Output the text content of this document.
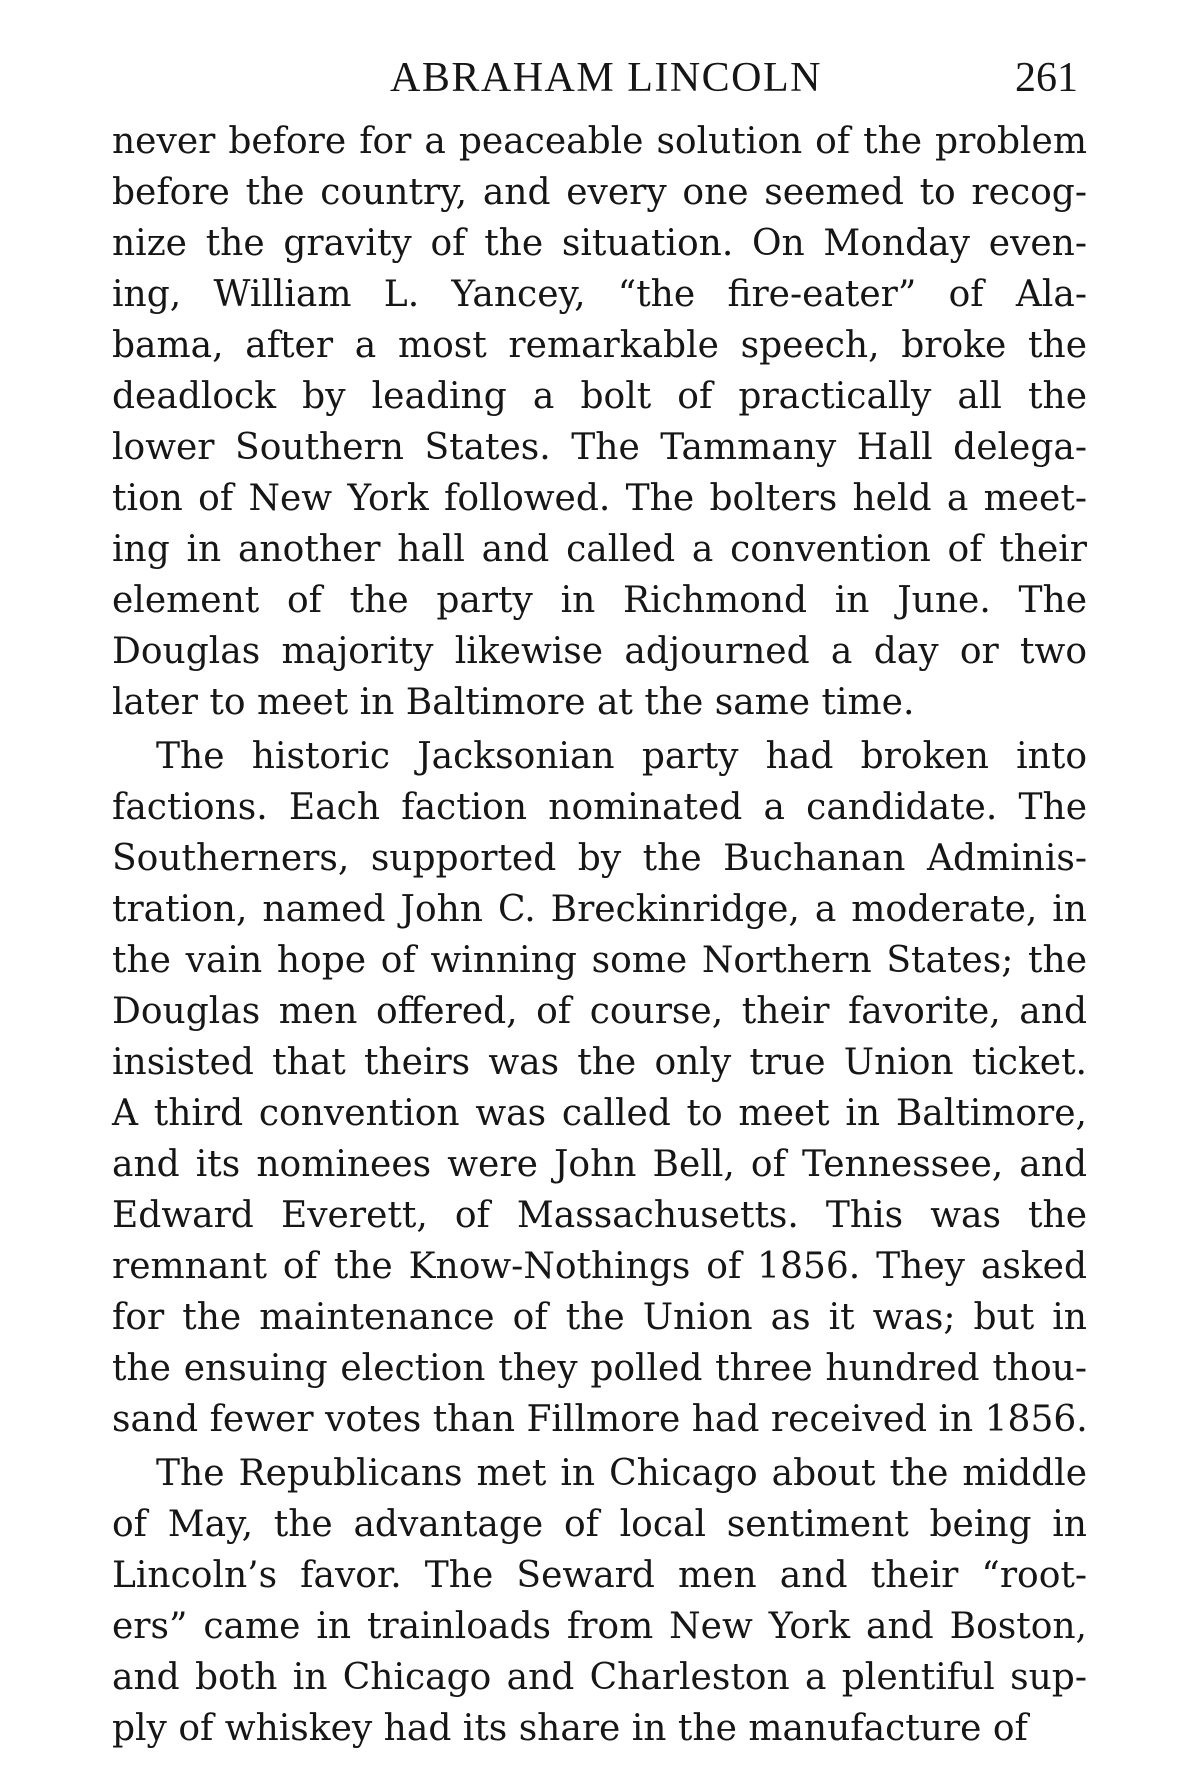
ABRAHAM LINCOLN	261
never before for a peaceable solution of the problem
before the country, and every one seemed to recog-
nize the gravity of the situation. On Monday even-
ing, William L. Yancey, “the fire-eater” of Ala-
bama, after a most remarkable speech, broke the
deadlock by leading a bolt of practically all the
lower Southern States. The Tammany Hall delega-
tion of New York followed. The bolters held a meet-
ing in another hall and called a convention of their
element of the party in Richmond in June. The
Douglas majority likewise adjourned a day or two
later to meet in Baltimore at the same time.
The historic Jacksonian party had broken into
factions. Each faction nominated a candidate. The
Southerners, supported by the Buchanan Adminis-
tration, named John C. Breckinridge, a moderate, in
the vain hope of winning some Northern States; the
Douglas men offered, of course, their favorite, and
insisted that theirs was the only true Union ticket.
A third convention was called to meet in Baltimore,
and its nominees were John Bell, of Tennessee, and
Edward Everett, of Massachusetts. This was the
remnant of the Know-Nothings of 1856. They asked
for the maintenance of the Union as it was; but in
the ensuing election they polled three hundred thou-
sand fewer votes than Fillmore had received in 1856.
The Republicans met in Chicago about the middle
of May, the advantage of local sentiment being in
Lincoln’s favor. The Seward men and their “root-
ers” came in trainloads from New York and Boston,
and both in Chicago and Charleston a plentiful sup-
ply of whiskey had its share in the manufacture of
